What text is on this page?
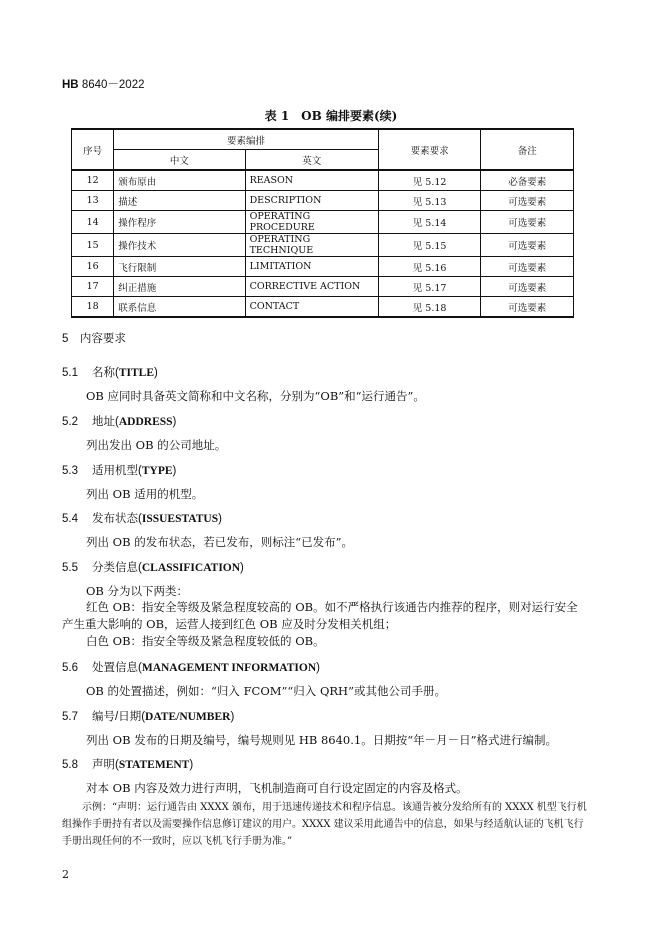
HB 8640－2022
表 1　OB 编排要素(续)
序号	要素编排		要素要求	备注
	中文	英文		
12	颁布原由	REASON	见 5.12	必备要素
13	描述	DESCRIPTION	见 5.13	可选要素
14	操作程序	OPERATING PROCEDURE	见 5.14	可选要素
15	操作技术	OPERATING TECHNIQUE	见 5.15	可选要素
16	飞行限制	LIMITATION	见 5.16	可选要素
17	纠正措施	CORRECTIVE ACTION	见 5.17	可选要素
18	联系信息	CONTACT	见 5.18	可选要素
5　内容要求
5.1 名称(TITLE)
OB 应同时具备英文简称和中文名称，分别为“OB”和“运行通告”。
5.2 地址(ADDRESS)
列出发出 OB 的公司地址。
5.3 适用机型(TYPE)
列出 OB 适用的机型。
5.4 发布状态(ISSUESTATUS)
列出 OB 的发布状态，若已发布，则标注“已发布”。
5.5 分类信息(CLASSIFICATION)
OB 分为以下两类：
红色 OB：指安全等级及紧急程度较高的 OB。如不严格执行该通告内推荐的程序，则对运行安全
产生重大影响的 OB，运营人接到红色 OB 应及时分发相关机组；
白色 OB：指安全等级及紧急程度较低的 OB。
5.6 处置信息(MANAGEMENT INFORMATION)
OB 的处置描述，例如：“归入 FCOM”“归入 QRH”或其他公司手册。
5.7 编号/日期(DATE/NUMBER)
列出 OB 发布的日期及编号，编号规则见 HB 8640.1。日期按“年－月－日”格式进行编制。
5.8 声明(STATEMENT)
对本 OB 内容及效力进行声明，飞机制造商可自行设定固定的内容及格式。
示例：“声明：运行通告由 XXXX 颁布，用于迅速传递技术和程序信息。该通告被分发给所有的 XXXX 机型飞行机
组操作手册持有者以及需要操作信息修订建议的用户。XXXX 建议采用此通告中的信息，如果与经适航认证的飞机飞行
手册出现任何的不一致时，应以飞机飞行手册为准。”
2
